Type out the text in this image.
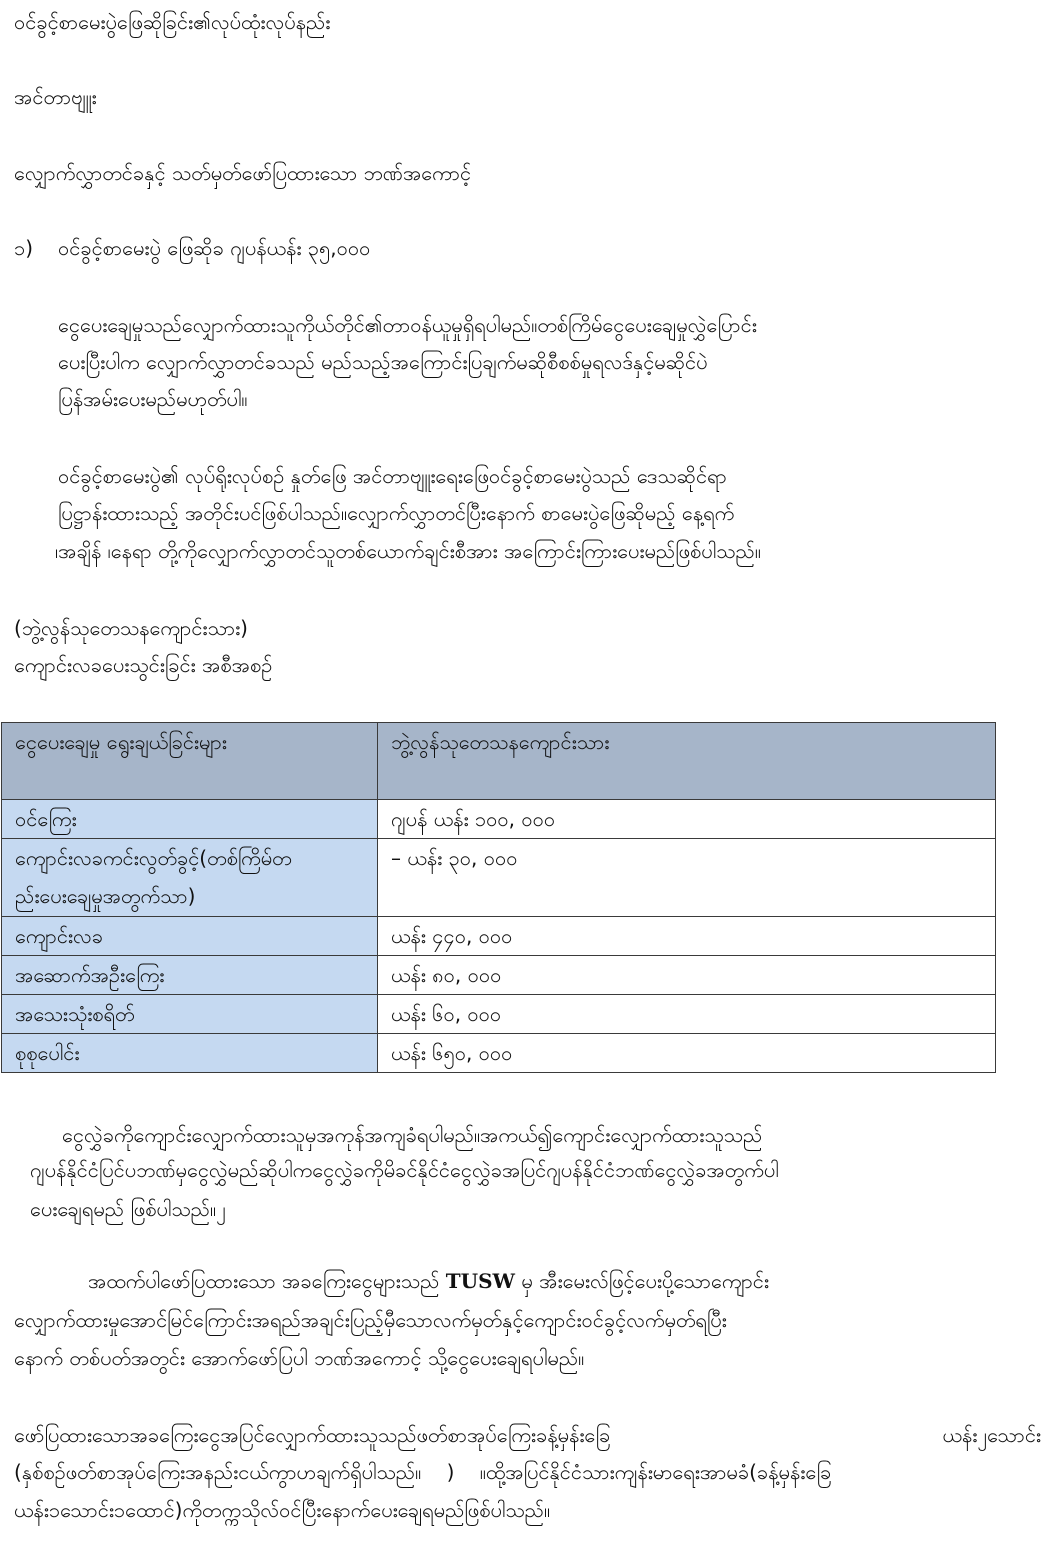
ဝင်ခွင့်စာမေးပွဲဖြေဆိုခြင်း၏လုပ်ထုံးလုပ်နည်း
အင်တာဗျူး
လျှောက်လွှာတင်ခနှင့် သတ်မှတ်ဖော်ပြထားသော ဘဏ်အကောင့်
၁)	ဝင်ခွင့်စာမေးပွဲ ဖြေဆိုခ ဂျပန်ယန်း ၃၅,၀၀၀
ငွေပေးချေမှုသည်လျှောက်ထားသူကိုယ်တိုင်၏တာဝန်ယူမှုရှိရပါမည်။တစ်ကြိမ်ငွေပေးချေမှုလွှဲပြောင်း
ပေးပြီးပါက လျှောက်လွှာတင်ခသည် မည်သည့်အကြောင်းပြချက်မဆိုစီစစ်မှုရလဒ်နှင့်မဆိုင်ပဲ
ပြန်အမ်းပေးမည်မဟုတ်ပါ။
ဝင်ခွင့်စာမေးပွဲ၏ လုပ်ရိုးလုပ်စဉ် နှုတ်ဖြေ အင်တာဗျူးရေးဖြေဝင်ခွင့်စာမေးပွဲသည် ဒေသဆိုင်ရာ
ပြဋ္ဌာန်းထားသည့် အတိုင်းပင်ဖြစ်ပါသည်။လျှောက်လွှာတင်ပြီးနောက် စာမေးပွဲဖြေဆိုမည့် နေ့ရက်
၊အချိန် ၊နေရာ တို့ကိုလျှောက်လွှာတင်သူတစ်ယောက်ချင်းစီအား အကြောင်းကြားပေးမည်ဖြစ်ပါသည်။
(ဘွဲ့လွန်သုတေသနကျောင်းသား)
ကျောင်းလခပေးသွင်းခြင်း အစီအစဉ်
ငွေပေးချေမှု ရွေးချယ်ခြင်းများ	ဘွဲ့လွန်သုတေသနကျောင်းသား

ဝင်ကြေး	ဂျပန် ယန်း ၁၀၀, ၀၀၀

ကျောင်းလခကင်းလွတ်ခွင့်(တစ်ကြိမ်တ
ည်းပေးချေမှုအတွက်သာ)	– ယန်း ၃၀, ၀၀၀

ကျောင်းလခ	ယန်း ၄၄၀, ၀၀၀

အဆောက်အဦးကြေး	ယန်း ၈၀, ၀၀၀

အသေးသုံးစရိတ်	ယန်း ၆၀, ၀၀၀

စုစုပေါင်း	ယန်း ၆၅၀, ၀၀၀
ငွေလွှဲခကိုကျောင်းလျှောက်ထားသူမှအကုန်အကျခံရပါမည်။အကယ်၍ကျောင်းလျှောက်ထားသူသည်
ဂျပန်နိုင်ငံပြင်ပဘဏ်မှငွေလွှဲမည်ဆိုပါကငွေလွှဲခကိုမိခင်နိုင်ငံငွေလွှဲခအပြင်ဂျပန်နိုင်ငံဘဏ်ငွေလွှဲခအတွက်ပါ
ပေးချေရမည် ဖြစ်ပါသည်။၂
အထက်ပါဖော်ပြထားသော အခကြေးငွေများသည် TUSW မှ အီးမေးလ်ဖြင့်ပေးပို့သောကျောင်း
လျှောက်ထားမှုအောင်မြင်ကြောင်းအရည်အချင်းပြည့်မှီသောလက်မှတ်နှင့်ကျောင်းဝင်ခွင့်လက်မှတ်ရပြီး
နောက် တစ်ပတ်အတွင်း အောက်ဖော်ပြပါ ဘဏ်အကောင့် သို့ငွေပေးချေရပါမည်။
ဖော်ပြထားသောအခကြေးငွေအပြင်လျှောက်ထားသူသည်ဖတ်စာအုပ်ကြေးခန့်မှန်းခြေ	ယန်း၂သောင်း
(နှစ်စဉ်ဖတ်စာအုပ်ကြေးအနည်းငယ်ကွာဟချက်ရှိပါသည်။    )    ။ထို့အပြင်နိုင်ငံသားကျန်းမာရေးအာမခံ(ခန့်မှန်းခြေ
ယန်း၁သောင်း၁ထောင်)ကိုတက္ကသိုလ်ဝင်ပြီးနောက်ပေးချေရမည်ဖြစ်ပါသည်။
